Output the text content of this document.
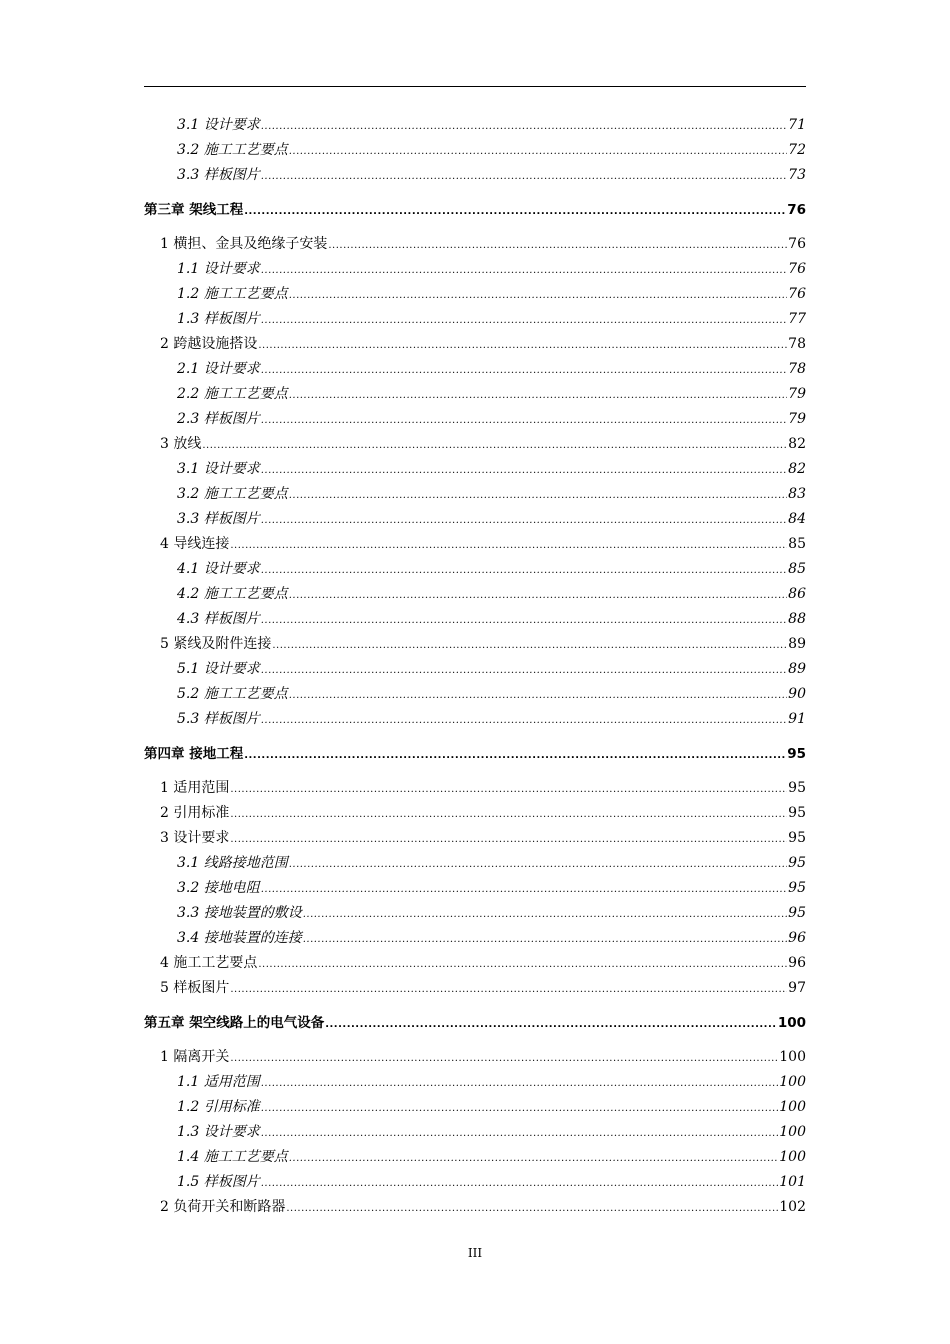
3.1 设计要求 .....	71
3.2 施工工艺要点 .....	72
3.3 样板图片 .....	73
第三章 架线工程 .....	76
1 横担、金具及绝缘子安装 .....	76
1.1 设计要求 .....	76
1.2 施工工艺要点 .....	76
1.3 样板图片 .....	77
2 跨越设施搭设 .....	78
2.1 设计要求 .....	78
2.2 施工工艺要点 .....	79
2.3 样板图片 .....	79
3 放线 .....	82
3.1 设计要求 .....	82
3.2 施工工艺要点 .....	83
3.3 样板图片 .....	84
4 导线连接 .....	85
4.1 设计要求 .....	85
4.2 施工工艺要点 .....	86
4.3 样板图片 .....	88
5 紧线及附件连接 .....	89
5.1 设计要求 .....	89
5.2 施工工艺要点 .....	90
5.3 样板图片 .....	91
第四章 接地工程 .....	95
1 适用范围 .....	95
2 引用标准 .....	95
3 设计要求 .....	95
3.1 线路接地范围 .....	95
3.2 接地电阻 .....	95
3.3 接地装置的敷设 .....	95
3.4 接地装置的连接 .....	96
4 施工工艺要点 .....	96
5 样板图片 .....	97
第五章 架空线路上的电气设备 .....	100
1 隔离开关 .....	100
1.1 适用范围 .....	100
1.2 引用标准 .....	100
1.3 设计要求 .....	100
1.4 施工工艺要点 .....	100
1.5 样板图片 .....	101
2 负荷开关和断路器 .....	102
III
